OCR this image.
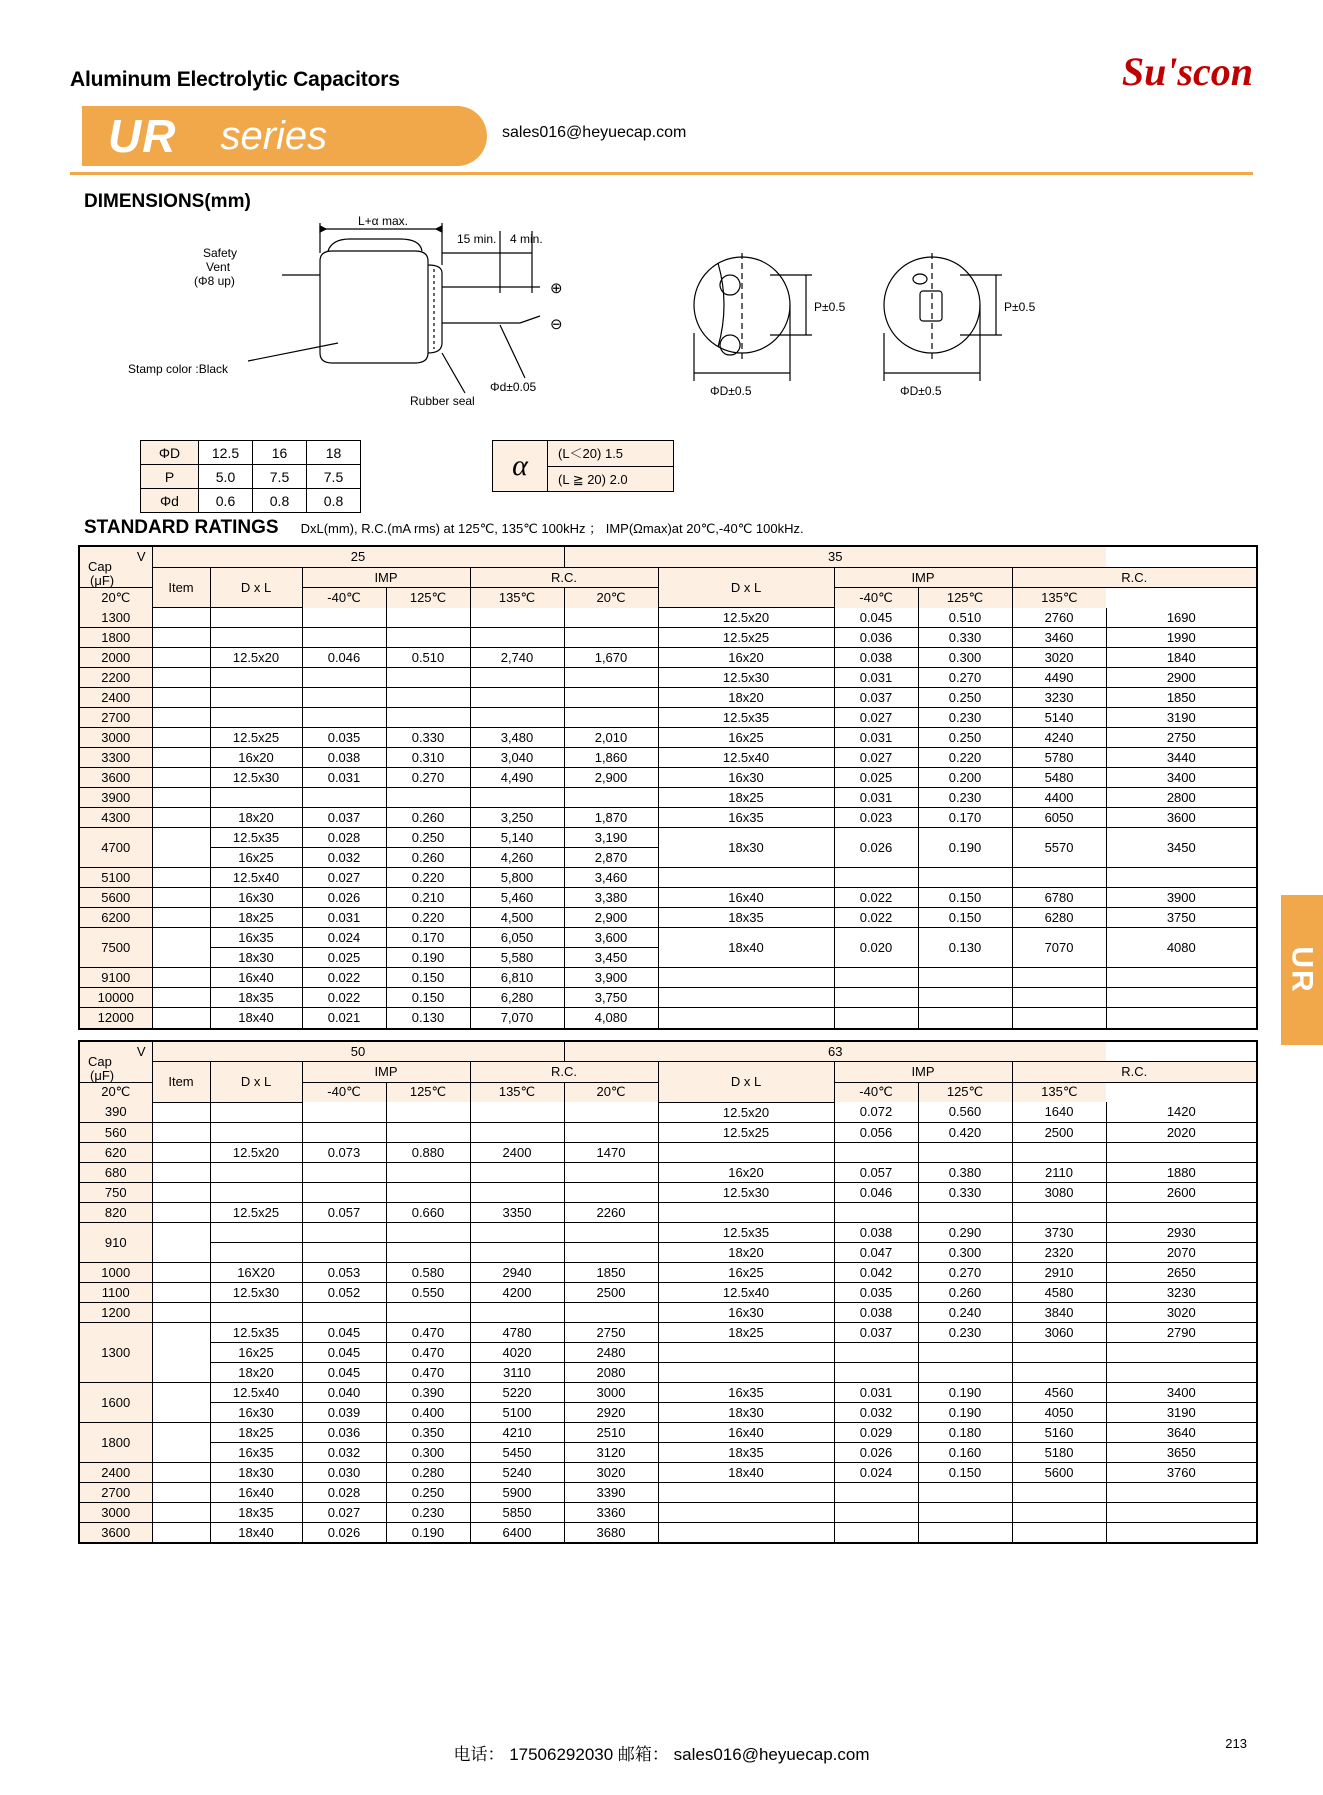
Aluminum Electrolytic Capacitors	Su'scon
UR series	sales016@heyuecap.com
DIMENSIONS(mm)
L+α max.
15 min. 4 min.
Safety
Vent
(Φ8 up)
Stamp color :Black
Rubber seal
Φd±0.05
⊕
⊖
P±0.5	P±0.5
ΦD±0.5	ΦD±0.5
ΦD	12.5	16	18
P	5.0	7.5	7.5
Φd	0.6	0.8	0.8
α	(L＜20) 1.5
(L ≧ 20) 2.0
STANDARD RATINGS DxL(mm), R.C.(mA rms) at 125℃, 135℃ 100kHz ； IMP(Ωmax)at 20℃,-40℃ 100kHz.
V
Cap
(μF)	25					35					
	Item	D x L	IMP		R.C.		D x L	IMP		R.C.	
20℃			-40℃	125℃	135℃	20℃		-40℃	125℃	135℃	
1300							12.5x20	0.045	0.510	2760	1690
1800							12.5x25	0.036	0.330	3460	1990
2000		12.5x20	0.046	0.510	2,740	1,670	16x20	0.038	0.300	3020	1840
2200							12.5x30	0.031	0.270	4490	2900
2400							18x20	0.037	0.250	3230	1850
2700							12.5x35	0.027	0.230	5140	3190
3000		12.5x25	0.035	0.330	3,480	2,010	16x25	0.031	0.250	4240	2750
3300		16x20	0.038	0.310	3,040	1,860	12.5x40	0.027	0.220	5780	3440
3600		12.5x30	0.031	0.270	4,490	2,900	16x30	0.025	0.200	5480	3400
3900							18x25	0.031	0.230	4400	2800
4300		18x20	0.037	0.260	3,250	1,870	16x35	0.023	0.170	6050	3600
4700		12.5x35	0.028	0.250	5,140	3,190	18x30	0.026	0.190	5570	3450
		16x25	0.032	0.260	4,260	2,870					
5100		12.5x40	0.027	0.220	5,800	3,460					
5600		16x30	0.026	0.210	5,460	3,380	16x40	0.022	0.150	6780	3900
6200		18x25	0.031	0.220	4,500	2,900	18x35	0.022	0.150	6280	3750
7500		16x35	0.024	0.170	6,050	3,600	18x40	0.020	0.130	7070	4080
		18x30	0.025	0.190	5,580	3,450					
9100		16x40	0.022	0.150	6,810	3,900					
10000		18x35	0.022	0.150	6,280	3,750					
12000		18x40	0.021	0.130	7,070	4,080					
V
Cap
(μF)	50					63					
	Item	D x L	IMP		R.C.		D x L	IMP		R.C.	
20℃			-40℃	125℃	135℃	20℃		-40℃	125℃	135℃	
390							12.5x20	0.072	0.560	1640	1420
560							12.5x25	0.056	0.420	2500	2020
620		12.5x20	0.073	0.880	2400	1470					
680							16x20	0.057	0.380	2110	1880
750							12.5x30	0.046	0.330	3080	2600
820		12.5x25	0.057	0.660	3350	2260					
910							12.5x35	0.038	0.290	3730	2930
							18x20	0.047	0.300	2320	2070
1000		16X20	0.053	0.580	2940	1850	16x25	0.042	0.270	2910	2650
1100		12.5x30	0.052	0.550	4200	2500	12.5x40	0.035	0.260	4580	3230
1200							16x30	0.038	0.240	3840	3020
1300		12.5x35	0.045	0.470	4780	2750	18x25	0.037	0.230	3060	2790
		16x25	0.045	0.470	4020	2480					
		18x20	0.045	0.470	3110	2080					
1600		12.5x40	0.040	0.390	5220	3000	16x35	0.031	0.190	4560	3400
		16x30	0.039	0.400	5100	2920	18x30	0.032	0.190	4050	3190
1800		18x25	0.036	0.350	4210	2510	16x40	0.029	0.180	5160	3640
		16x35	0.032	0.300	5450	3120	18x35	0.026	0.160	5180	3650
2400		18x30	0.030	0.280	5240	3020	18x40	0.024	0.150	5600	3760
2700		16x40	0.028	0.250	5900	3390					
3000		18x35	0.027	0.230	5850	3360					
3600		18x40	0.026	0.190	6400	3680					
UR
电话： 17506292030 邮箱： sales016@heyuecap.com
213
